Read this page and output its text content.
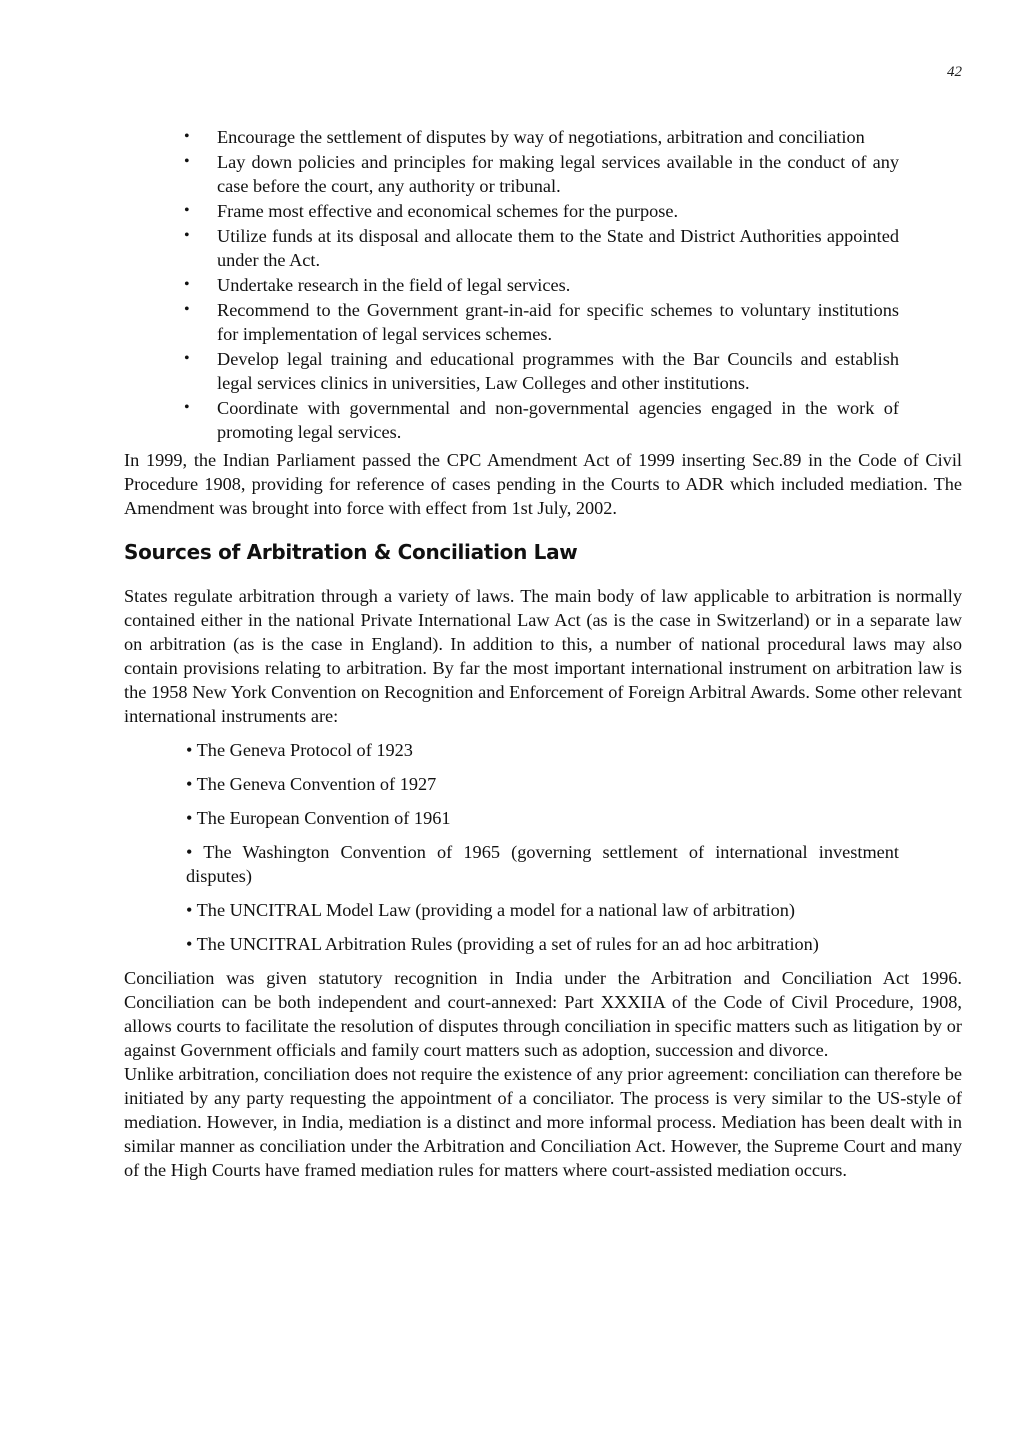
42
• Encourage the settlement of disputes by way of negotiations, arbitration and conciliation
• Lay down policies and principles for making legal services available in the conduct of any case before the court, any authority or tribunal.
• Frame most effective and economical schemes for the purpose.
• Utilize funds at its disposal and allocate them to the State and District Authorities appointed under the Act.
• Undertake research in the field of legal services.
• Recommend to the Government grant-in-aid for specific schemes to voluntary institutions for implementation of legal services schemes.
• Develop legal training and educational programmes with the Bar Councils and establish legal services clinics in universities, Law Colleges and other institutions.
• Coordinate with governmental and non-governmental agencies engaged in the work of promoting legal services.

In 1999, the Indian Parliament passed the CPC Amendment Act of 1999 inserting Sec.89 in the Code of Civil Procedure 1908, providing for reference of cases pending in the Courts to ADR which included mediation. The Amendment was brought into force with effect from 1st July, 2002.

Sources of Arbitration & Conciliation Law

States regulate arbitration through a variety of laws. The main body of law applicable to arbitration is normally contained either in the national Private International Law Act (as is the case in Switzerland) or in a separate law on arbitration (as is the case in England). In addition to this, a number of national procedural laws may also contain provisions relating to arbitration. By far the most important international instrument on arbitration law is the 1958 New York Convention on Recognition and Enforcement of Foreign Arbitral Awards. Some other relevant international instruments are:

• The Geneva Protocol of 1923
• The Geneva Convention of 1927
• The European Convention of 1961
• The Washington Convention of 1965 (governing settlement of international investment disputes)
• The UNCITRAL Model Law (providing a model for a national law of arbitration)
• The UNCITRAL Arbitration Rules (providing a set of rules for an ad hoc arbitration)

Conciliation was given statutory recognition in India under the Arbitration and Conciliation Act 1996. Conciliation can be both independent and court-annexed: Part XXXIIA of the Code of Civil Procedure, 1908, allows courts to facilitate the resolution of disputes through conciliation in specific matters such as litigation by or against Government officials and family court matters such as adoption, succession and divorce.

Unlike arbitration, conciliation does not require the existence of any prior agreement: conciliation can therefore be initiated by any party requesting the appointment of a conciliator. The process is very similar to the US-style of mediation. However, in India, mediation is a distinct and more informal process. Mediation has been dealt with in similar manner as conciliation under the Arbitration and Conciliation Act. However, the Supreme Court and many of the High Courts have framed mediation rules for matters where court-assisted mediation occurs.
